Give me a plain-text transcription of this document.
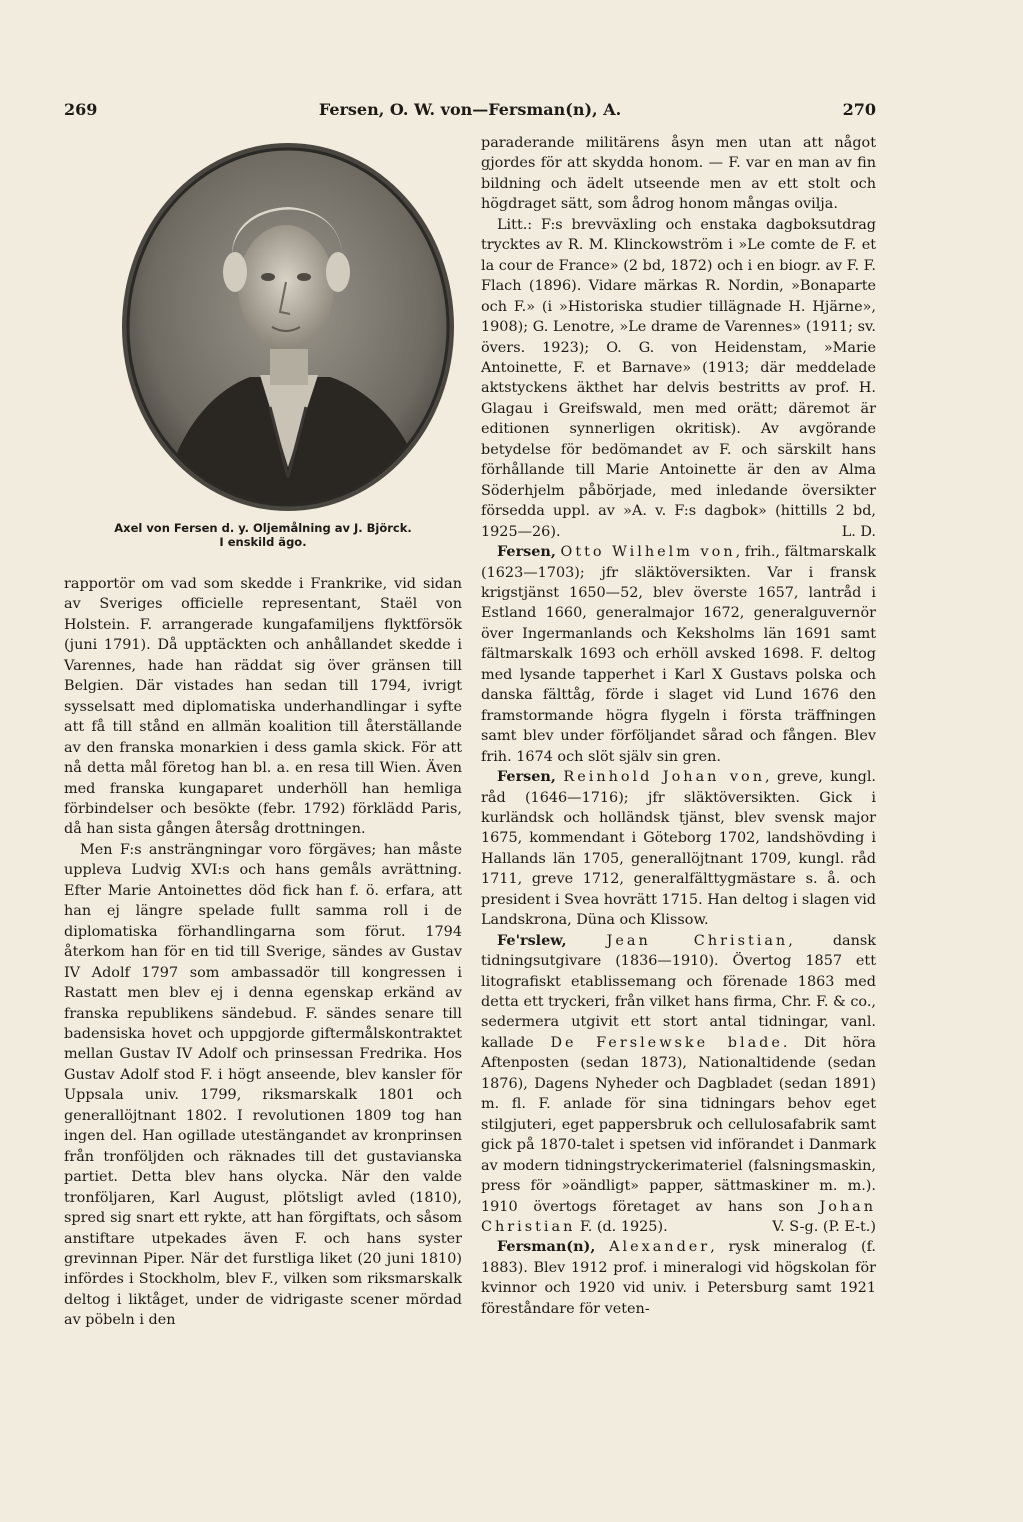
269	Fersen, O. W. von—Fersman(n), A.	270
Axel von Fersen d. y. Oljemålning av J. Björck.
I enskild ägo.

rapportör om vad som skedde i Frankrike, vid sidan av Sveriges officielle representant, Staël von Holstein. F. arrangerade kungafamiljens flyktförsök (juni 1791). Då upptäckten och anhållandet skedde i Varennes, hade han räddat sig över gränsen till Belgien. Där vistades han sedan till 1794, ivrigt sysselsatt med diplomatiska underhandlingar i syfte att få till stånd en allmän koalition till återställande av den franska monarkien i dess gamla skick. För att nå detta mål företog han bl. a. en resa till Wien. Även med franska kungaparet underhöll han hemliga förbindelser och besökte (febr. 1792) förklädd Paris, då han sista gången återsåg drottningen.

Men F:s ansträngningar voro förgäves; han måste uppleva Ludvig XVI:s och hans gemåls avrättning. Efter Marie Antoinettes död fick han f. ö. erfara, att han ej längre spelade fullt samma roll i de diplomatiska förhandlingarna som förut. 1794 återkom han för en tid till Sverige, sändes av Gustav IV Adolf 1797 som ambassadör till kongressen i Rastatt men blev ej i denna egenskap erkänd av franska republikens sändebud. F. sändes senare till badensiska hovet och uppgjorde giftermålskontraktet mellan Gustav IV Adolf och prinsessan Fredrika. Hos Gustav Adolf stod F. i högt anseende, blev kansler för Uppsala univ. 1799, riksmarskalk 1801 och generallöjtnant 1802. I revolutionen 1809 tog han ingen del. Han ogillade utestängandet av kronprinsen från tronföljden och räknades till det gustavianska partiet. Detta blev hans olycka. När den valde tronföljaren, Karl August, plötsligt avled (1810), spred sig snart ett rykte, att han förgiftats, och såsom anstiftare utpekades även F. och hans syster grevinnan Piper. När det furstliga liket (20 juni 1810) infördes i Stockholm, blev F., vilken som riksmarskalk deltog i liktåget, under de vidrigaste scener mördad av pöbeln i den

paraderande militärens åsyn men utan att något gjordes för att skydda honom. — F. var en man av fin bildning och ädelt utseende men av ett stolt och högdraget sätt, som ådrog honom mångas ovilja.

Litt.: F:s brevväxling och enstaka dagboksutdrag trycktes av R. M. Klinckowström i »Le comte de F. et la cour de France» (2 bd, 1872) och i en biogr. av F. F. Flach (1896). Vidare märkas R. Nordin, »Bonaparte och F.» (i »Historiska studier tillägnade H. Hjärne», 1908); G. Lenotre, »Le drame de Varennes» (1911; sv. övers. 1923); O. G. von Heidenstam, »Marie Antoinette, F. et Barnave» (1913; där meddelade aktstyckens äkthet har delvis bestritts av prof. H. Glagau i Greifswald, men med orätt; däremot är editionen synnerligen okritisk). Av avgörande betydelse för bedömandet av F. och särskilt hans förhållande till Marie Antoinette är den av Alma Söderhjelm påbörjade, med inledande översikter försedda uppl. av »A. v. F:s dagbok» (hittills 2 bd, 1925—26).	L. D.

Fersen, Otto Wilhelm von, frih., fältmarskalk (1623—1703); jfr släktöversikten. Var i fransk krigstjänst 1650—52, blev överste 1657, lantråd i Estland 1660, generalmajor 1672, generalguvernör över Ingermanlands och Keksholms län 1691 samt fältmarskalk 1693 och erhöll avsked 1698. F. deltog med lysande tapperhet i Karl X Gustavs polska och danska fälttåg, förde i slaget vid Lund 1676 den framstormande högra flygeln i första träffningen samt blev under förföljandet sårad och fången. Blev frih. 1674 och slöt själv sin gren.

Fersen, Reinhold Johan von, greve, kungl. råd (1646—1716); jfr släktöversikten. Gick i kurländsk och holländsk tjänst, blev svensk major 1675, kommendant i Göteborg 1702, landshövding i Hallands län 1705, generallöjtnant 1709, kungl. råd 1711, greve 1712, generalfälttygmästare s. å. och president i Svea hovrätt 1715. Han deltog i slagen vid Landskrona, Düna och Klissow.

Fe'rslew,	Jean Christian, dansk tidningsutgivare (1836—1910). Övertog 1857 ett litografiskt etablissemang och förenade 1863 med detta ett tryckeri, från vilket hans firma, Chr. F. & co., sedermera utgivit ett stort antal tidningar, vanl. kallade De Ferslewske blade. Dit höra Aftenposten (sedan 1873), Nationaltidende (sedan 1876), Dagens Nyheder och Dagbladet (sedan 1891) m. fl. F. anlade för sina tidningars behov eget stilgjuteri, eget pappersbruk och cellulosafabrik samt gick på 1870-talet i spetsen vid införandet i Danmark av modern tidningstryckerimateriel (falsningsmaskin, press för »oändligt» papper, sättmaskiner m. m.). 1910 övertogs företaget av hans son Johan Christian F. (d. 1925).	V. S-g. (P. E-t.)

Fersman(n), Alexander, rysk mineralog (f. 1883). Blev 1912 prof. i mineralogi vid högskolan för kvinnor och 1920 vid univ. i Petersburg samt 1921 föreståndare för veten-
